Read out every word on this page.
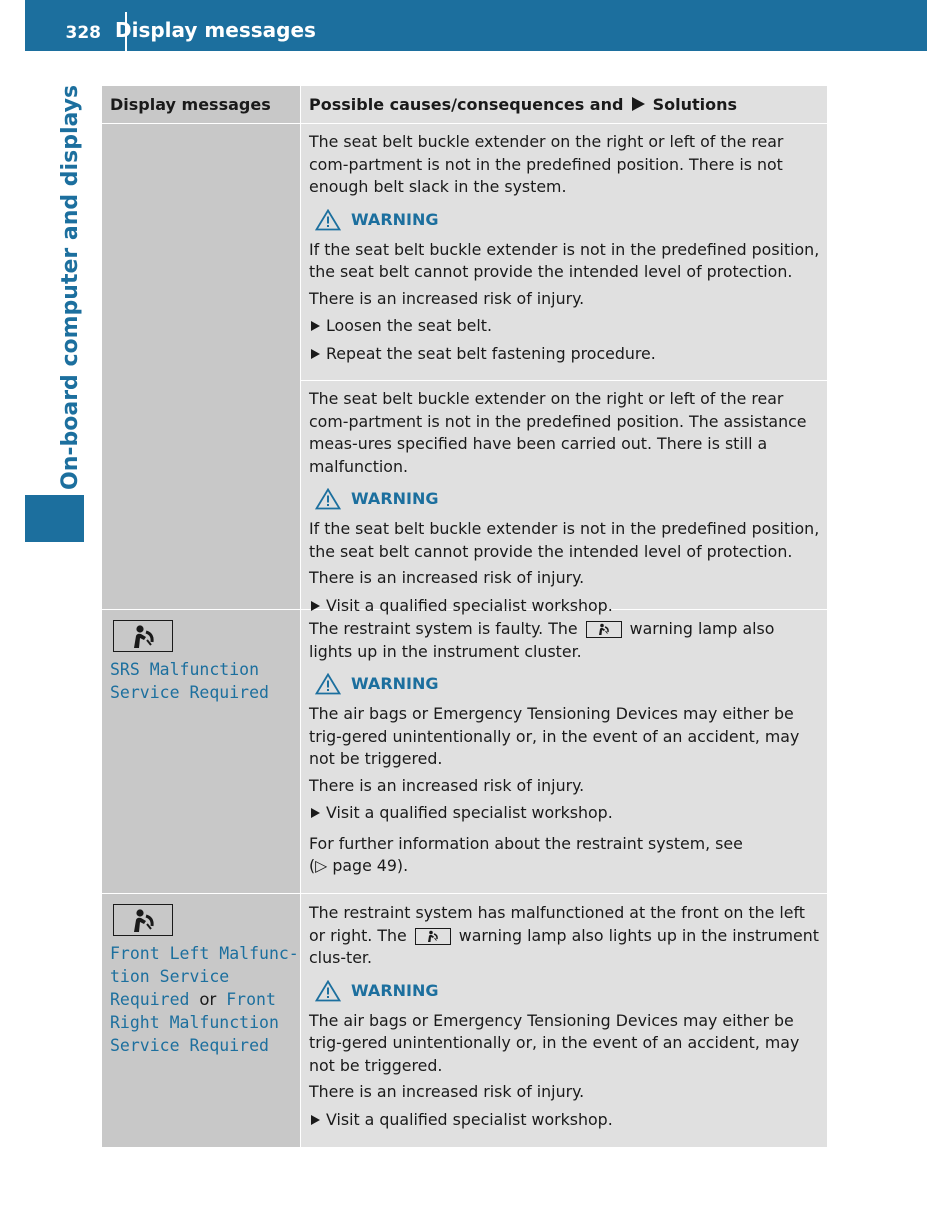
328 Display messages
On-board computer and displays Display messages Possible causes/consequences and Solutions

The seat belt buckle extender on the right or left of the rear com-partment is not in the predefined position. There is not enough belt slack in the system.

WARNING

If the seat belt buckle extender is not in the predefined position, the seat belt cannot provide the intended level of protection.

There is an increased risk of injury.

Loosen the seat belt.

Repeat the seat belt fastening procedure.

The seat belt buckle extender on the right or left of the rear com-partment is not in the predefined position. The assistance meas-ures specified have been carried out. There is still a malfunction.

WARNING

If the seat belt buckle extender is not in the predefined position, the seat belt cannot provide the intended level of protection.

There is an increased risk of injury.

Visit a qualified specialist workshop.

SRS Malfunction
Service Required

The restraint system is faulty. The	warning lamp also lights up in the instrument cluster.

WARNING

The air bags or Emergency Tensioning Devices may either be trig-gered unintentionally or, in the event of an accident, may not be triggered.

There is an increased risk of injury.

Visit a qualified specialist workshop.

For further information about the restraint system, see

(▷ page 49).

Front Left Malfunc-
tion Service
Required or Front
Right Malfunction
Service Required

The restraint system has malfunctioned at the front on the left or right. The	warning lamp also lights up in the instrument clus-ter.

WARNING

The air bags or Emergency Tensioning Devices may either be trig-gered unintentionally or, in the event of an accident, may not be triggered.

There is an increased risk of injury.

Visit a qualified specialist workshop.
